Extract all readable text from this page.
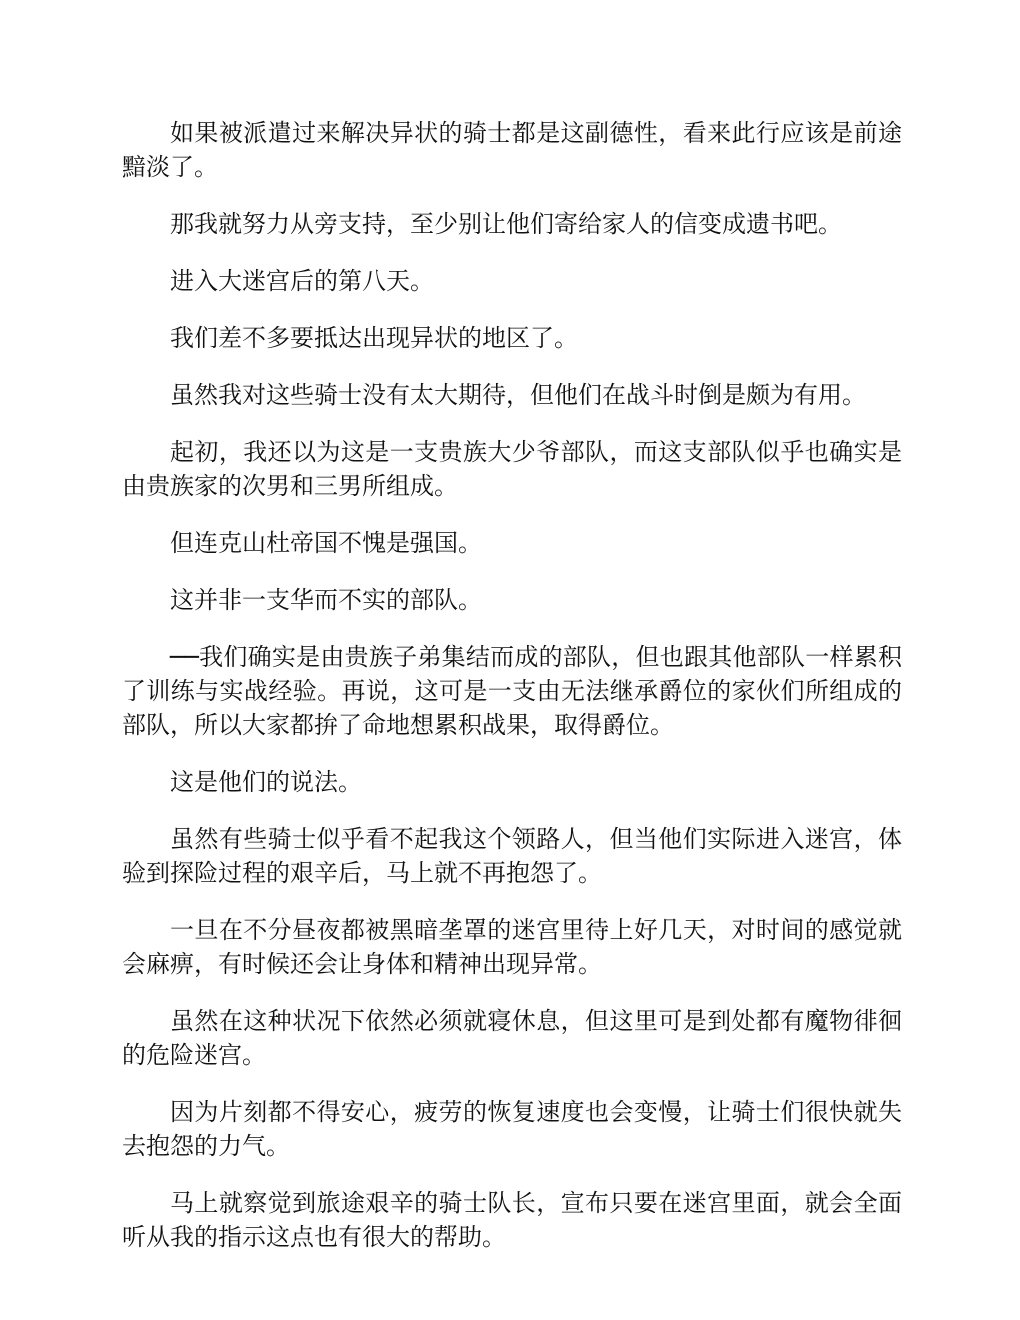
如果被派遣过来解决异状的骑士都是这副德性，看来此行应该是前途黯淡了。

那我就努力从旁支持，至少别让他们寄给家人的信变成遗书吧。

进入大迷宫后的第八天。

我们差不多要抵达出现异状的地区了。

虽然我对这些骑士没有太大期待，但他们在战斗时倒是颇为有用。

起初，我还以为这是一支贵族大少爷部队，而这支部队似乎也确实是由贵族家的次男和三男所组成。

但连克山杜帝国不愧是强国。

这并非一支华而不实的部队。

──我们确实是由贵族子弟集结而成的部队，但也跟其他部队一样累积了训练与实战经验。再说，这可是一支由无法继承爵位的家伙们所组成的部队，所以大家都拚了命地想累积战果，取得爵位。

这是他们的说法。

虽然有些骑士似乎看不起我这个领路人，但当他们实际进入迷宫，体验到探险过程的艰辛后，马上就不再抱怨了。

一旦在不分昼夜都被黑暗垄罩的迷宫里待上好几天，对时间的感觉就会麻痹，有时候还会让身体和精神出现异常。

虽然在这种状况下依然必须就寝休息，但这里可是到处都有魔物徘徊的危险迷宫。

因为片刻都不得安心，疲劳的恢复速度也会变慢，让骑士们很快就失去抱怨的力气。

马上就察觉到旅途艰辛的骑士队长，宣布只要在迷宫里面，就会全面听从我的指示这点也有很大的帮助。
